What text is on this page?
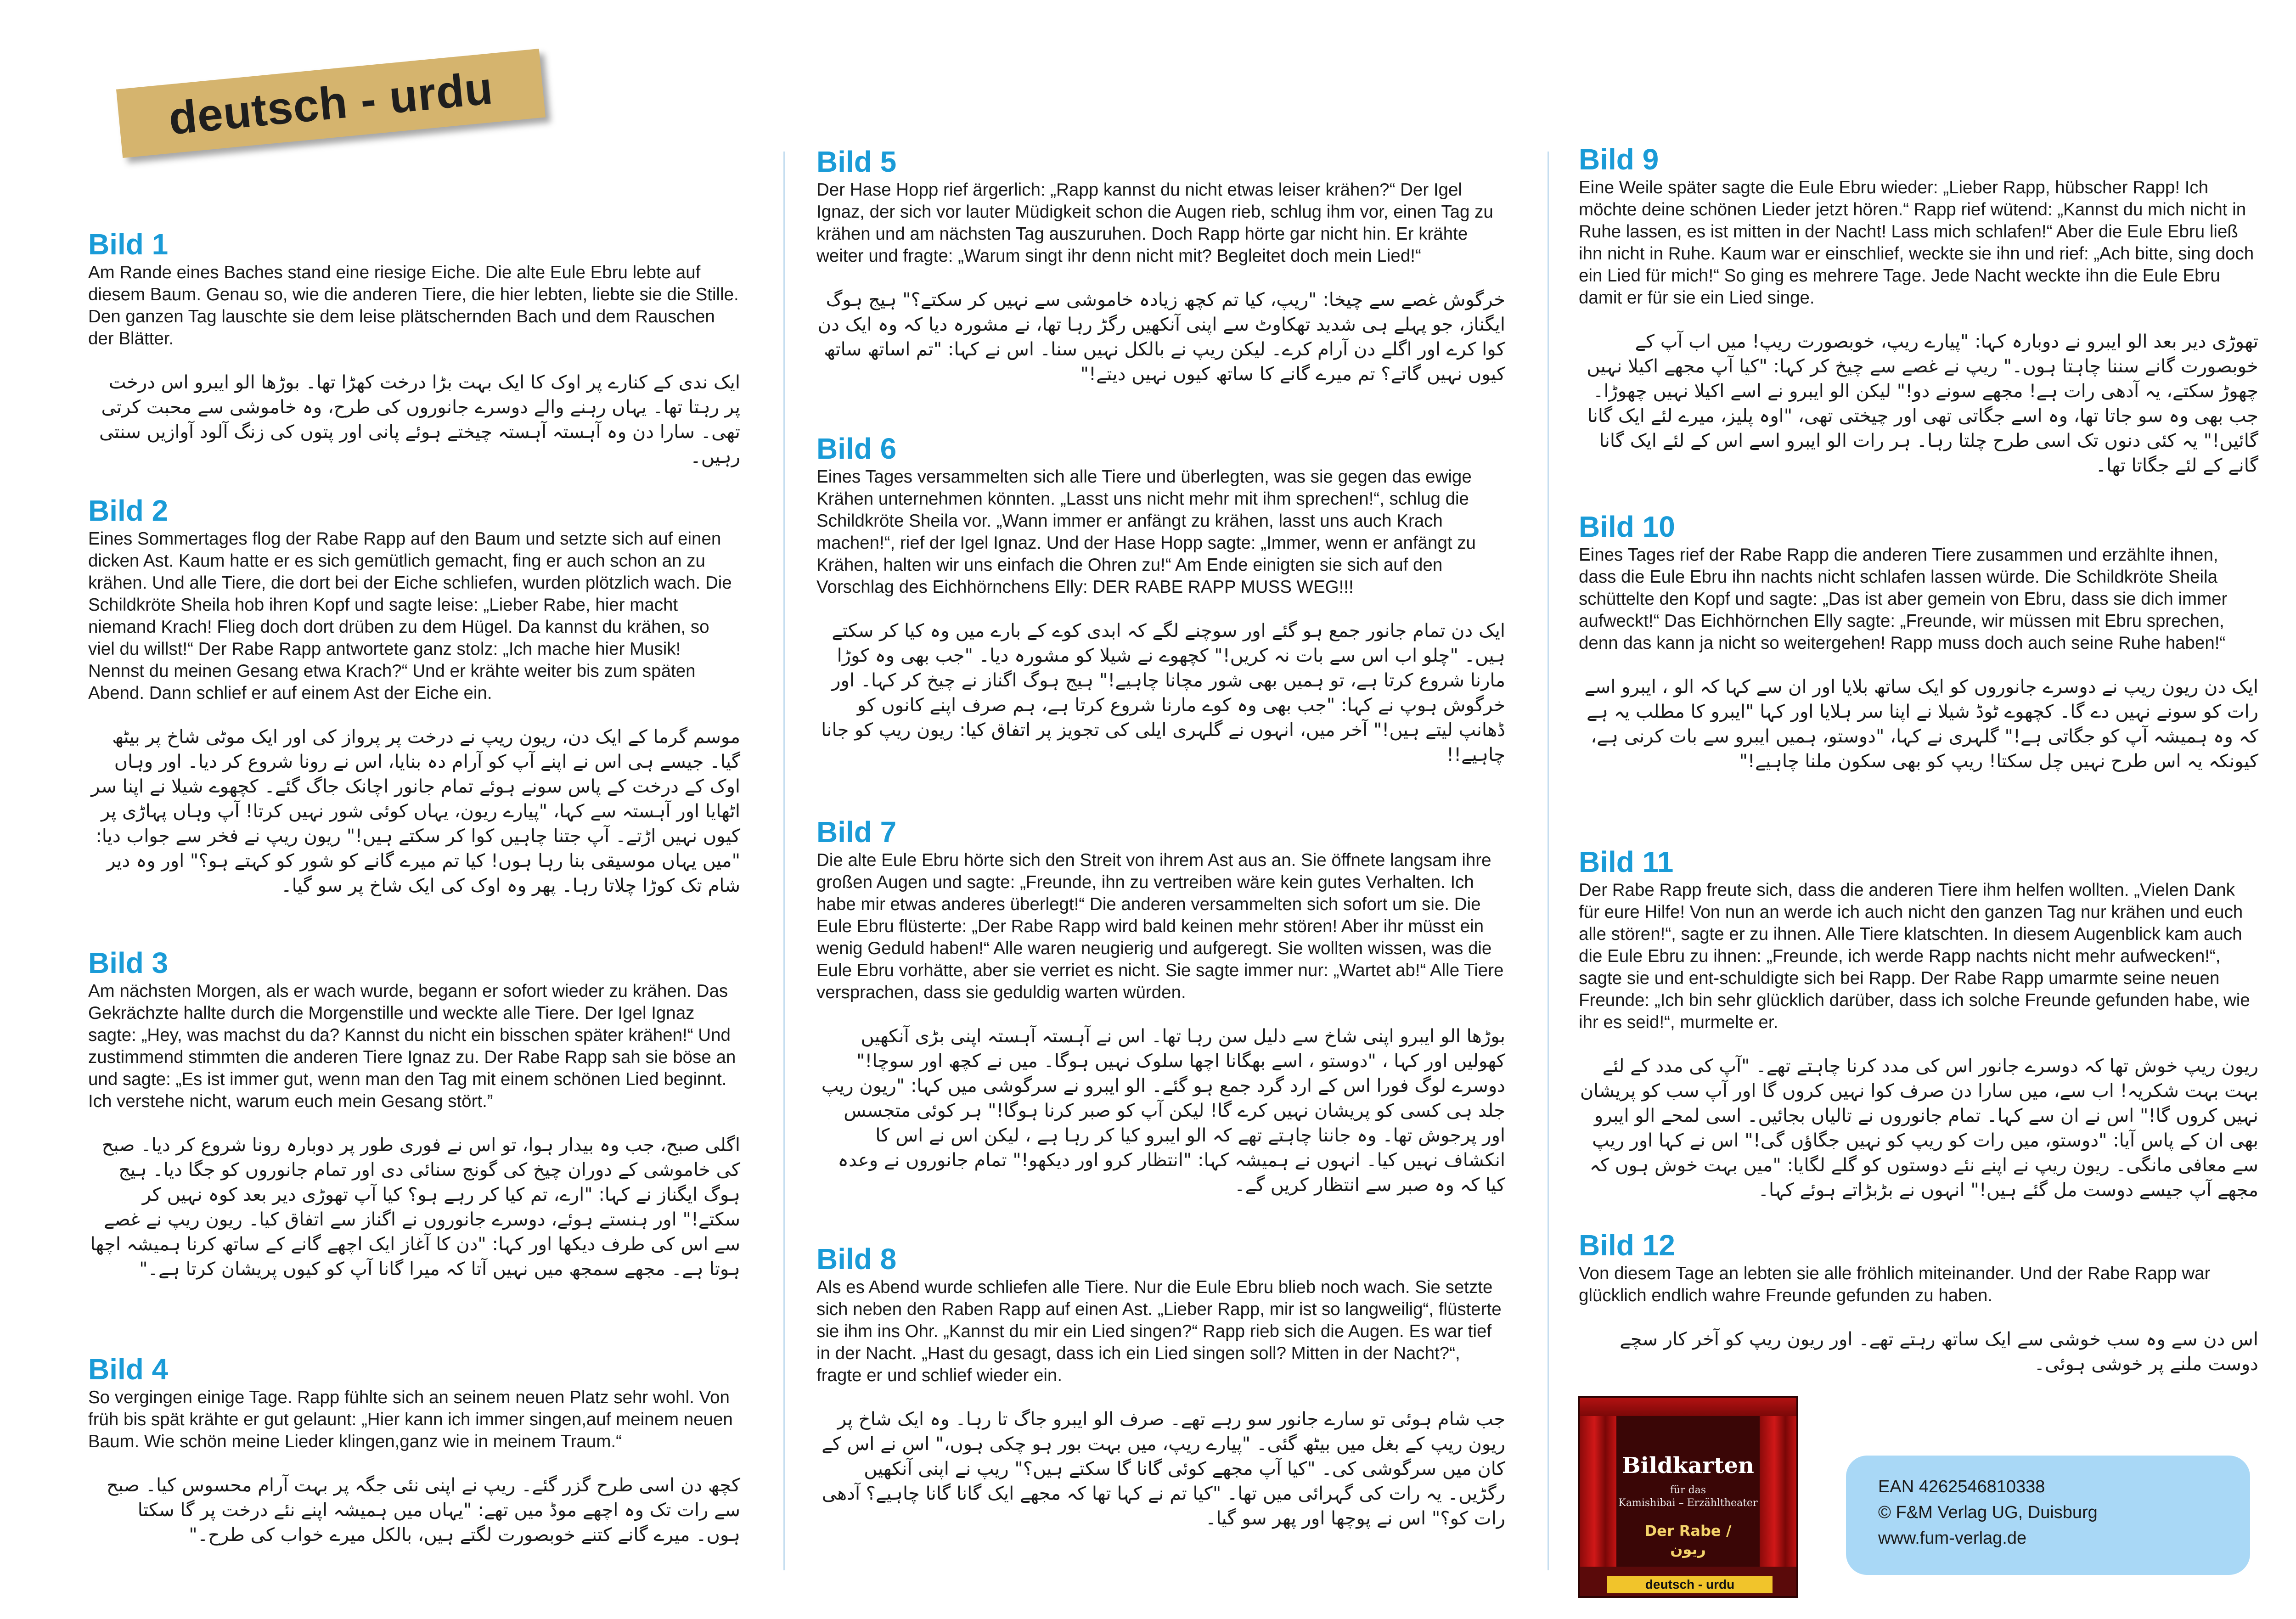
deutsch - urdu
Bild 1

Am Rande eines Baches stand eine riesige Eiche. Die alte Eule Ebru lebte auf diesem Baum. Genau so, wie die anderen Tiere, die hier lebten, liebte sie die Stille. Den ganzen Tag lauschte sie dem leise plätschernden Bach und dem Rauschen der Blätter.

ایک ندی کے کنارے پر اوک کا ایک بہت بڑا درخت کھڑا تھا۔ بوڑھا الو ایبرو اس درخت پر رہتا تھا۔ یہاں رہنے والے دوسرے جانوروں کی طرح، وہ خاموشی سے محبت کرتی تھی۔ سارا دن وہ آہستہ آہستہ چیختے ہوئے پانی اور پتوں کی زنگ آلود آوازیں سنتی رہیں۔

Bild 2

Eines Sommertages flog der Rabe Rapp auf den Baum und setzte sich auf einen dicken Ast. Kaum hatte er es sich gemütlich gemacht, fing er auch schon an zu krähen. Und alle Tiere, die dort bei der Eiche schliefen, wurden plötzlich wach. Die Schildkröte Sheila hob ihren Kopf und sagte leise: „Lieber Rabe, hier macht niemand Krach! Flieg doch dort drüben zu dem Hügel. Da kannst du krähen, so viel du willst!“ Der Rabe Rapp antwortete ganz stolz: „Ich mache hier Musik! Nennst du meinen Gesang etwa Krach?“ Und er krähte weiter bis zum späten Abend. Dann schlief er auf einem Ast der Eiche ein.

موسم گرما کے ایک دن، ریون ریپ نے درخت پر پرواز کی اور ایک موٹی شاخ پر بیٹھ گیا۔ جیسے ہی اس نے اپنے آپ کو آرام دہ بنایا، اس نے رونا شروع کر دیا۔ اور وہاں اوک کے درخت کے پاس سونے ہوئے تمام جانور اچانک جاگ گئے۔ کچھوے شیلا نے اپنا سر اٹھایا اور آہستہ سے کہا، "پیارے ریون، یہاں کوئی شور نہیں کرتا! آپ وہاں پہاڑی پر کیوں نہیں اڑتے۔ آپ جتنا چاہیں کوا کر سکتے ہیں!" ریون ریپ نے فخر سے جواب دیا: "میں یہاں موسیقی بنا رہا ہوں! کیا تم میرے گانے کو شور کو کہتے ہو؟" اور وہ دیر شام تک کوڑا چلاتا رہا۔ پھر وہ اوک کی ایک شاخ پر سو گیا۔

Bild 3

Am nächsten Morgen, als er wach wurde, begann er sofort wieder zu krähen. Das Gekrächzte hallte durch die Morgenstille und weckte alle Tiere. Der Igel Ignaz sagte: „Hey, was machst du da? Kannst du nicht ein bisschen später krähen!“ Und zustimmend stimmten die anderen Tiere Ignaz zu. Der Rabe Rapp sah sie böse an und sagte: „Es ist immer gut, wenn man den Tag mit einem schönen Lied beginnt. Ich verstehe nicht, warum euch mein Gesang stört.”

اگلی صبح، جب وہ بیدار ہوا، تو اس نے فوری طور پر دوبارہ رونا شروع کر دیا۔ صبح کی خاموشی کے دوران چیخ کی گونج سنائی دی اور تمام جانوروں کو جگا دیا۔ ہیج ہوگ ایگناز نے کہا: "ارے، تم کیا کر رہے ہو؟ کیا آپ تھوڑی دیر بعد کوہ نہیں کر سکتے!" اور ہنستے ہوئے، دوسرے جانوروں نے اگناز سے اتفاق کیا۔ ریون ریپ نے غصے سے اس کی طرف دیکھا اور کہا: "دن کا آغاز ایک اچھے گانے کے ساتھ کرنا ہمیشہ اچھا ہوتا ہے۔ مجھے سمجھ میں نہیں آتا کہ میرا گانا آپ کو کیوں پریشان کرتا ہے۔"

Bild 4

So vergingen einige Tage. Rapp fühlte sich an seinem neuen Platz sehr wohl. Von früh bis spät krähte er gut gelaunt: „Hier kann ich immer singen,auf meinem neuen Baum. Wie schön meine Lieder klingen,ganz wie in meinem Traum.“

کچھ دن اسی طرح گزر گئے۔ ریپ نے اپنی نئی جگہ پر بہت آرام محسوس کیا۔ صبح سے رات تک وہ اچھے موڈ میں تھے: "یہاں میں ہمیشہ اپنے نئے درخت پر گا سکتا ہوں۔ میرے گانے کتنے خوبصورت لگتے ہیں، بالکل میرے خواب کی طرح۔"

Bild 5

Der Hase Hopp rief ärgerlich: „Rapp kannst du nicht etwas leiser krähen?“ Der Igel Ignaz, der sich vor lauter Müdigkeit schon die Augen rieb, schlug ihm vor, einen Tag zu krähen und am nächsten Tag auszuruhen. Doch Rapp hörte gar nicht hin. Er krähte weiter und fragte: „Warum singt ihr denn nicht mit? Begleitet doch mein Lied!“

خرگوش غصے سے چیخا: "ریپ، کیا تم کچھ زیادہ خاموشی سے نہیں کر سکتے؟" ہیج ہوگ ایگناز، جو پہلے ہی شدید تھکاوٹ سے اپنی آنکھیں رگڑ رہا تھا، نے مشورہ دیا کہ وہ ایک دن کوا کرے اور اگلے دن آرام کرے۔ لیکن ریپ نے بالکل نہیں سنا۔ اس نے کہا: "تم اساتھ ساتھ کیوں نہیں گاتے؟ تم میرے گانے کا ساتھ کیوں نہیں دیتے!"

Bild 6

Eines Tages versammelten sich alle Tiere und überlegten, was sie gegen das ewige Krähen unternehmen könnten. „Lasst uns nicht mehr mit ihm sprechen!“, schlug die Schildkröte Sheila vor. „Wann immer er anfängt zu krähen, lasst uns auch Krach machen!“, rief der Igel Ignaz. Und der Hase Hopp sagte: „Immer, wenn er anfängt zu Krähen, halten wir uns einfach die Ohren zu!“ Am Ende einigten sie sich auf den Vorschlag des Eichhörnchens Elly: DER RABE RAPP MUSS WEG!!!

ایک دن تمام جانور جمع ہو گئے اور سوچنے لگے کہ ابدی کوے کے بارے میں وہ کیا کر سکتے ہیں۔ "چلو اب اس سے بات نہ کریں!" کچھوے نے شیلا کو مشورہ دیا۔ "جب بھی وہ کوڑا مارنا شروع کرتا ہے، تو ہمیں بھی شور مچانا چاہیے!" ہیج ہوگ اگناز نے چیخ کر کہا۔ اور خرگوش ہوپ نے کہا: "جب بھی وہ کوے مارنا شروع کرتا ہے، ہم صرف اپنے کانوں کو ڈھانپ لیتے ہیں!" آخر میں، انہوں نے گلہری ایلی کی تجویز پر اتفاق کیا: ریون ریپ کو جانا چاہیے!!

Bild 7

Die alte Eule Ebru hörte sich den Streit von ihrem Ast aus an. Sie öffnete langsam ihre großen Augen und sagte: „Freunde, ihn zu vertreiben wäre kein gutes Verhalten. Ich habe mir etwas anderes überlegt!“ Die anderen versammelten sich sofort um sie. Die Eule Ebru flüsterte: „Der Rabe Rapp wird bald keinen mehr stören! Aber ihr müsst ein wenig Geduld haben!“ Alle waren neugierig und aufgeregt. Sie wollten wissen, was die Eule Ebru vorhätte, aber sie verriet es nicht. Sie sagte immer nur: „Wartet ab!“ Alle Tiere versprachen, dass sie geduldig warten würden.

بوڑھا الو ایبرو اپنی شاخ سے دلیل سن رہا تھا۔ اس نے آہستہ آہستہ اپنی بڑی آنکھیں کھولیں اور کہا ، "دوستو ، اسے بھگانا اچھا سلوک نہیں ہوگا۔ میں نے کچھ اور سوچا!" دوسرے لوگ فورا اس کے ارد گرد جمع ہو گئے۔ الو ایبرو نے سرگوشی میں کہا: "ریون ریپ جلد ہی کسی کو پریشان نہیں کرے گا! لیکن آپ کو صبر کرنا ہوگا!" ہر کوئی متجسس اور پرجوش تھا۔ وہ جاننا چاہتے تھے کہ الو ایبرو کیا کر رہا ہے ، لیکن اس نے اس کا انکشاف نہیں کیا۔ انہوں نے ہمیشہ کہا: "انتظار کرو اور دیکھو!" تمام جانوروں نے وعدہ کیا کہ وہ صبر سے انتظار کریں گے۔

Bild 8

Als es Abend wurde schliefen alle Tiere. Nur die Eule Ebru blieb noch wach. Sie setzte sich neben den Raben Rapp auf einen Ast. „Lieber Rapp, mir ist so langweilig“, flüsterte sie ihm ins Ohr. „Kannst du mir ein Lied singen?“ Rapp rieb sich die Augen. Es war tief in der Nacht. „Hast du gesagt, dass ich ein Lied singen soll? Mitten in der Nacht?“, fragte er und schlief wieder ein.

جب شام ہوئی تو سارے جانور سو رہے تھے۔ صرف الو ایبرو جاگ تا رہا۔ وہ ایک شاخ پر ریون ریپ کے بغل میں بیٹھ گئی۔ "پیارے ریپ، میں بہت بور ہو چکی ہوں،" اس نے اس کے کان میں سرگوشی کی۔ "کیا آپ مجھے کوئی گانا گا سکتے ہیں؟" ریپ نے اپنی آنکھیں رگڑیں۔ یہ رات کی گہرائی میں تھا۔ "کیا تم نے کہا تھا کہ مجھے ایک گانا گانا چاہیے؟ آدھی رات کو؟" اس نے پوچھا اور پھر سو گیا۔

Bild 9

Eine Weile später sagte die Eule Ebru wieder: „Lieber Rapp, hübscher Rapp! Ich möchte deine schönen Lieder jetzt hören.“ Rapp rief wütend: „Kannst du mich nicht in Ruhe lassen, es ist mitten in der Nacht! Lass mich schlafen!“ Aber die Eule Ebru ließ ihn nicht in Ruhe. Kaum war er einschlief, weckte sie ihn und rief: „Ach bitte, sing doch ein Lied für mich!“ So ging es mehrere Tage. Jede Nacht weckte ihn die Eule Ebru damit er für sie ein Lied singe.

تھوڑی دیر بعد الو ایبرو نے دوبارہ کہا: "پیارے ریپ، خوبصورت ریپ! میں اب آپ کے خوبصورت گانے سننا چاہتا ہوں۔" ریپ نے غصے سے چیخ کر کہا: "کیا آپ مجھے اکیلا نہیں چھوڑ سکتے، یہ آدھی رات ہے! مجھے سونے دو!" لیکن الو ایبرو نے اسے اکیلا نہیں چھوڑا۔ جب بھی وہ سو جاتا تھا، وہ اسے جگاتی تھی اور چیختی تھی، "اوہ پلیز، میرے لئے ایک گانا گائیں!" یہ کئی دنوں تک اسی طرح چلتا رہا۔ ہر رات الو ایبرو اسے اس کے لئے ایک گانا گانے کے لئے جگاتا تھا۔

Bild 10

Eines Tages rief der Rabe Rapp die anderen Tiere zusammen und erzählte ihnen, dass die Eule Ebru ihn nachts nicht schlafen lassen würde. Die Schildkröte Sheila schüttelte den Kopf und sagte: „Das ist aber gemein von Ebru, dass sie dich immer aufweckt!“ Das Eichhörnchen Elly sagte: „Freunde, wir müssen mit Ebru sprechen, denn das kann ja nicht so weitergehen! Rapp muss doch auch seine Ruhe haben!“

ایک دن ریون ریپ نے دوسرے جانوروں کو ایک ساتھ بلایا اور ان سے کہا کہ الو ، ایبرو اسے رات کو سونے نہیں دے گا۔ کچھوے ٹوڈ شیلا نے اپنا سر ہلایا اور کہا "ایبرو کا مطلب یہ ہے کہ وہ ہمیشہ آپ کو جگاتی ہے!" گلہری نے کہا، "دوستو، ہمیں ایبرو سے بات کرنی ہے، کیونکہ یہ اس طرح نہیں چل سکتا! ریپ کو بھی سکون ملنا چاہیے!"

Bild 11

Der Rabe Rapp freute sich, dass die anderen Tiere ihm helfen wollten. „Vielen Dank für eure Hilfe! Von nun an werde ich auch nicht den ganzen Tag nur krähen und euch alle stören!“, sagte er zu ihnen. Alle Tiere klatschten. In diesem Augenblick kam auch die Eule Ebru zu ihnen: „Freunde, ich werde Rapp nachts nicht mehr aufwecken!“, sagte sie und ent-schuldigte sich bei Rapp. Der Rabe Rapp umarmte seine neuen Freunde: „Ich bin sehr glücklich darüber, dass ich solche Freunde gefunden habe, wie ihr es seid!“, murmelte er.

ریون ریپ خوش تھا کہ دوسرے جانور اس کی مدد کرنا چاہتے تھے۔ "آپ کی مدد کے لئے بہت بہت شکریہ! اب سے، میں سارا دن صرف کوا نہیں کروں گا اور آپ سب کو پریشان نہیں کروں گا!" اس نے ان سے کہا۔ تمام جانوروں نے تالیاں بجائیں۔ اسی لمحے الو ایبرو بھی ان کے پاس آیا: "دوستو، میں رات کو ریپ کو نہیں جگاؤں گی!" اس نے کہا اور ریپ سے معافی مانگی۔ ریون ریپ نے اپنے نئے دوستوں کو گلے لگایا: "میں بہت خوش ہوں کہ مجھے آپ جیسے دوست مل گئے ہیں!" انہوں نے بڑبڑاتے ہوئے کہا۔

Bild 12

Von diesem Tage an lebten sie alle fröhlich miteinander. Und der Rabe Rapp war glücklich endlich wahre Freunde gefunden zu haben.

اس دن سے وہ سب خوشی سے ایک ساتھ رہتے تھے۔ اور ریون ریپ کو آخر کار سچے دوست ملنے پر خوشی ہوئی۔

Bildkarten
für das
Kamishibai – Erzähltheater
Der Rabe /
ریون
deutsch - urdu
EAN 4262546810338
© F&M Verlag UG, Duisburg
www.fum-verlag.de
